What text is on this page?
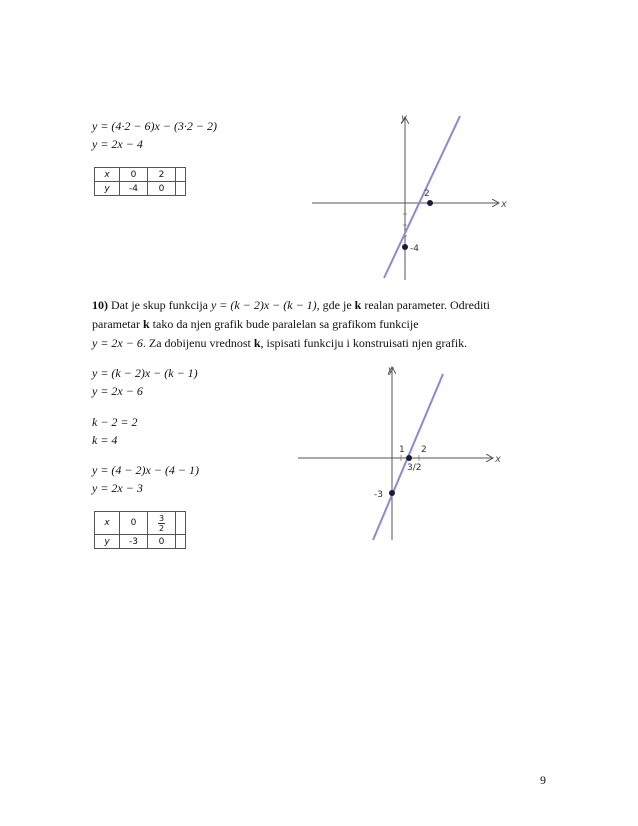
y = (4·2 − 6)x − (3·2 − 2)
y = 2x − 4
x	0	2	
y	-4	0	
x
y
2
-4
10) Dat je skup funkcija y = (k − 2)x − (k − 1), gde je k realan parameter. Odrediti
parametar k tako da njen grafik bude paralelan sa grafikom funkcije
y = 2x − 6. Za dobijenu vrednost k, ispisati funkciju i konstruisati njen grafik.
y = (k − 2)x − (k − 1)
y = 2x − 6
k − 2 = 2
k = 4
y = (4 − 2)x − (4 − 1)
y = 2x − 3
x	0	$\frac{3}{2}$

y	-3	0	
x
y
1 2
3/2
-3
9
